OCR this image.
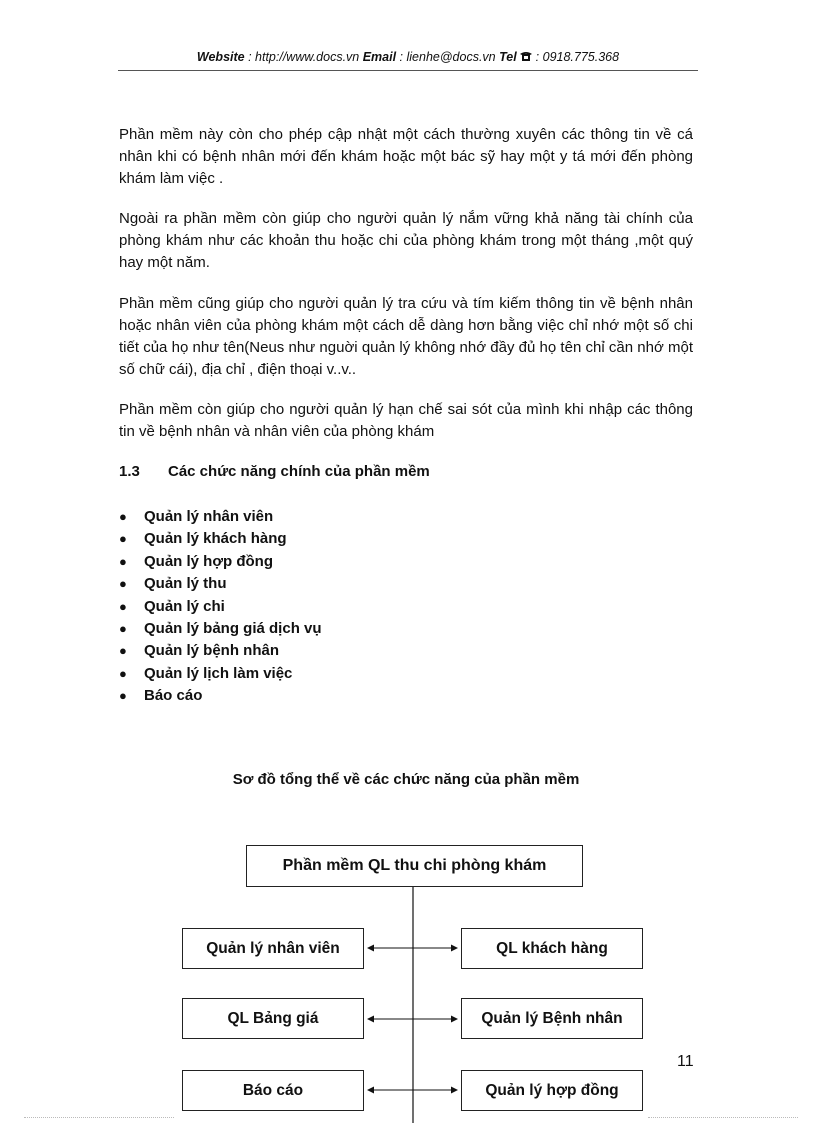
Website : http://www.docs.vn Email : lienhe@docs.vn Tel  : 0918.775.368

Phần mềm này còn cho phép cập nhật một cách thường xuyên các thông tin về cá nhân khi có bệnh nhân mới đến khám hoặc một bác sỹ hay một y tá mới đến phòng khám làm việc .

Ngoài ra phần mềm còn giúp cho người quản lý nắm vững khả năng tài chính của phòng khám như các khoản thu hoặc chi của phòng khám trong một tháng ,một quý hay một năm.

Phần mềm cũng giúp cho người quản lý tra cứu và tím kiếm thông tin về bệnh nhân hoặc nhân viên của phòng khám một cách dễ dàng hơn bằng việc chỉ nhớ một số chi tiết của họ như tên(Neus như nguời quản lý không nhớ đầy đủ họ tên chỉ cần nhớ một số chữ cái), địa chỉ , điện thoại v..v..

Phần mềm còn giúp cho người quản lý hạn chế sai sót của mình khi nhập các thông tin về bệnh nhân và nhân viên của phòng khám

1.3 Các chức năng chính của phần mềm
● Quản lý nhân viên
● Quản lý khách hàng
● Quản lý hợp đồng
● Quản lý thu
● Quản lý chi
● Quản lý bảng giá dịch vụ
● Quản lý bệnh nhân
● Quản lý lịch làm việc
● Báo cáo
Sơ đồ tổng thể về các chức năng của phần mềm
Phần mềm QL thu chi phòng khám
Quản lý nhân viên	QL khách hàng
QL Bảng giá	Quản lý Bệnh nhân
Báo cáo	Quản lý hợp đồng
11
